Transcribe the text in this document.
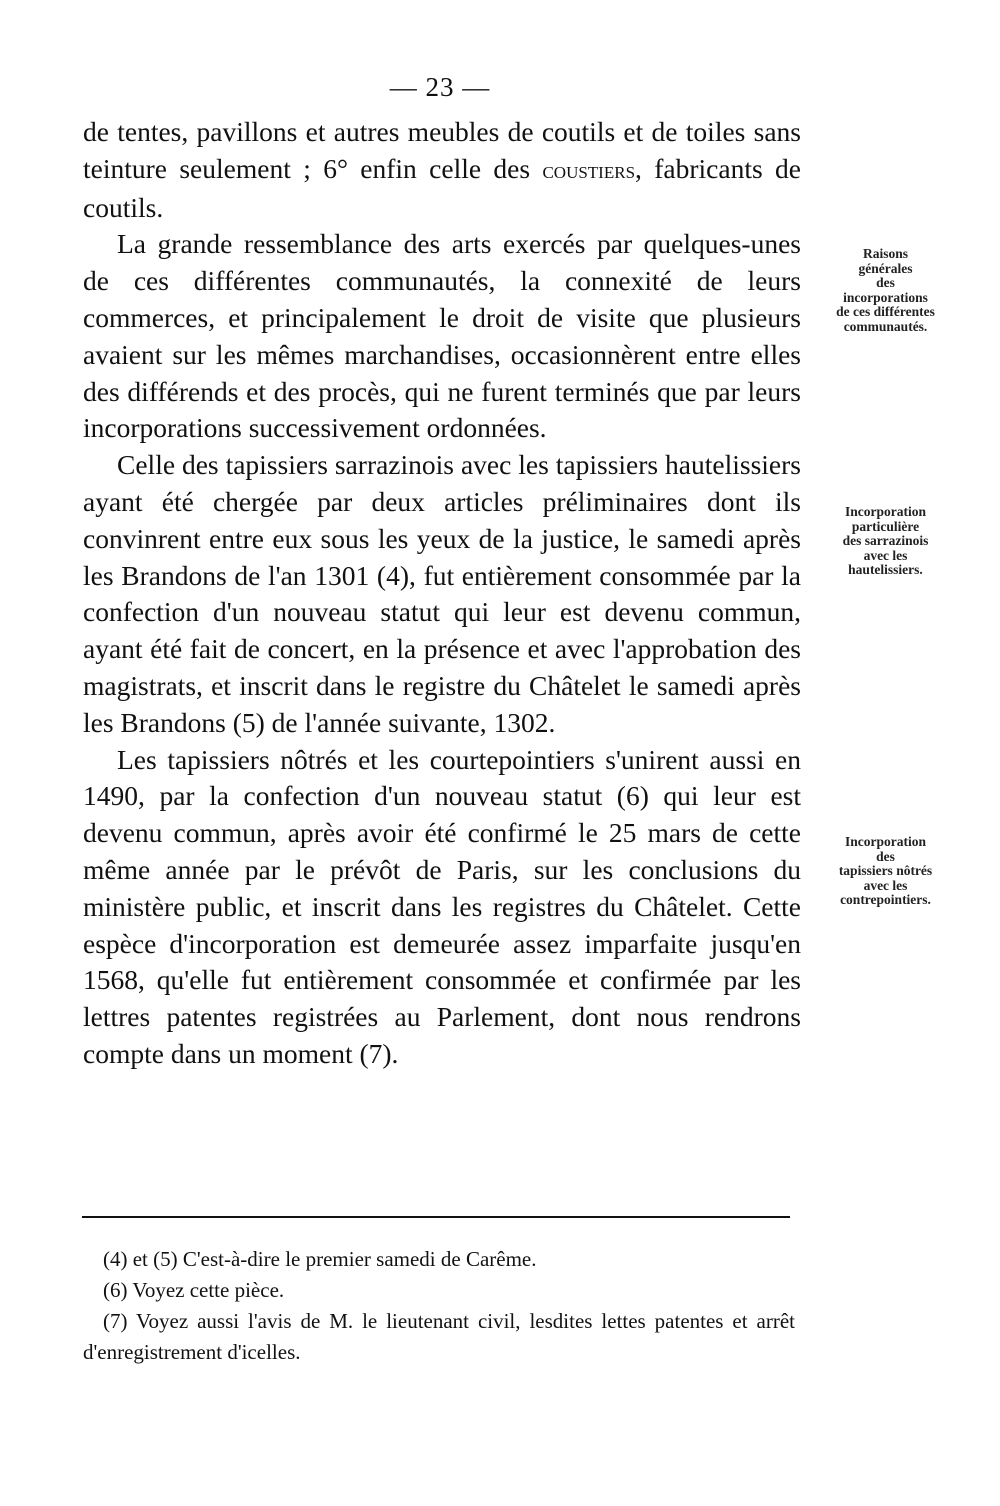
— 23 —

de tentes, pavillons et autres meubles de coutils et de toiles sans teinture seulement ; 6° enfin celle des coustiers, fabricants de coutils.

La grande ressemblance des arts exercés par quelques-unes de ces différentes communautés, la connexité de leurs commerces, et principalement le droit de visite que plusieurs avaient sur les mêmes marchandises, occasionnèrent entre elles des différends et des procès, qui ne furent terminés que par leurs incorporations successivement ordonnées.

Celle des tapissiers sarrazinois avec les tapissiers hautelissiers ayant été chergée par deux articles préliminaires dont ils convinrent entre eux sous les yeux de la justice, le samedi après les Brandons de l'an 1301 (4), fut entièrement consommée par la confection d'un nouveau statut qui leur est devenu commun, ayant été fait de concert, en la présence et avec l'approbation des magistrats, et inscrit dans le registre du Châtelet le samedi après les Brandons (5) de l'année suivante, 1302.

Les tapissiers nôtrés et les courtepointiers s'unirent aussi en 1490, par la confection d'un nouveau statut (6) qui leur est devenu commun, après avoir été confirmé le 25 mars de cette même année par le prévôt de Paris, sur les conclusions du ministère public, et inscrit dans les registres du Châtelet. Cette espèce d'incorporation est demeurée assez imparfaite jusqu'en 1568, qu'elle fut entièrement consommée et confirmée par les lettres patentes registrées au Parlement, dont nous rendrons compte dans un moment (7).

Raisons
générales
des
incorporations
de ces différentes
communautés.
Incorporation
particulière
des sarrazinois
avec les
hautelissiers.
Incorporation
des
tapissiers nôtrés
avec les
contrepointiers.

(4) et (5) C'est-à-dire le premier samedi de Carême.

(6) Voyez cette pièce.

(7) Voyez aussi l'avis de M. le lieutenant civil, lesdites lettes patentes et arrêt d'enregistrement d'icelles.
